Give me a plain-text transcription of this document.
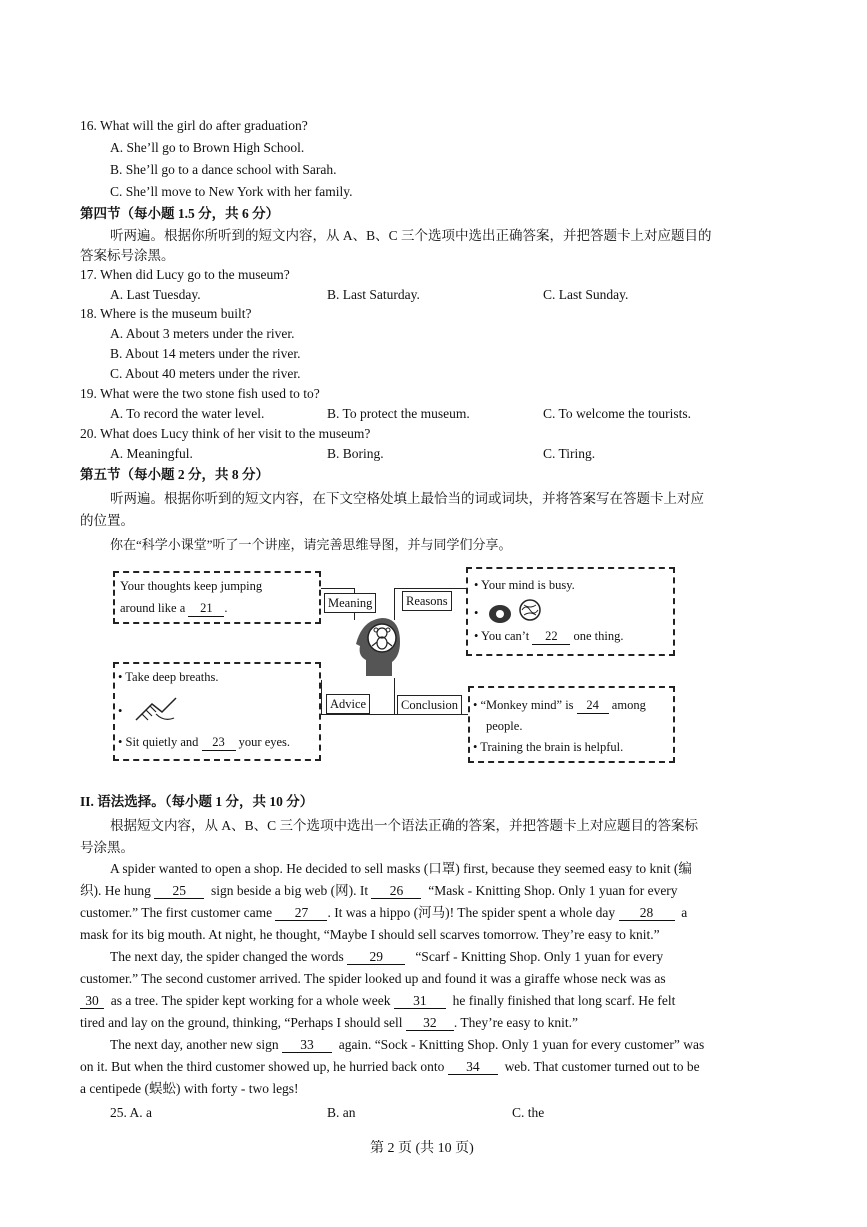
16. What will the girl do after graduation?
A. She’ll go to Brown High School.
B. She’ll go to a dance school with Sarah.
C. She’ll move to New York with her family.
第四节（每小题 1.5 分，共 6 分）
听两遍。根据你所听到的短文内容，从 A、B、C 三个选项中选出正确答案，并把答题卡上对应题目的
答案标号涂黑。
17. When did Lucy go to the museum?
A. Last Tuesday.	B. Last Saturday.	C. Last Sunday.
18. Where is the museum built?
A. About 3 meters under the river.
B. About 14 meters under the river.
C. About 40 meters under the river.
19. What were the two stone fish used to to?
A. To record the water level.	B. To protect the museum.	C. To welcome the tourists.
20. What does Lucy think of her visit to the museum?
A. Meaningful.	B. Boring.	C. Tiring.
第五节（每小题 2 分，共 8 分）
听两遍。根据你听到的短文内容，在下文空格处填上最恰当的词或词块，并将答案写在答题卡上对应
的位置。
你在“科学小课堂”听了一个讲座，请完善思维导图，并与同学们分享。
Your thoughts keep jumping
around like a 21 .
• Your mind is busy.
•
• You can’t 22 one thing.
• Take deep breaths.
•
• Sit quietly and 23 your eyes.
• “Monkey mind” is 24 among
people.
• Training the brain is helpful.
Meaning	Reasons
Advice	Conclusion
II. 语法选择。（每小题 1 分，共 10 分）
根据短文内容，从 A、B、C 三个选项中选出一个语法正确的答案，并把答题卡上对应题目的答案标
号涂黑。
A spider wanted to open a shop. He decided to sell masks (口罩) first, because they seemed easy to knit (编
织). He hung 25 sign beside a big web (网). It 26 “Mask - Knitting Shop. Only 1 yuan for every
customer.” The first customer came 27 . It was a hippo (河马)! The spider spent a whole day 28 a
mask for its big mouth. At night, he thought, “Maybe I should sell scarves tomorrow. They’re easy to knit.”
The next day, the spider changed the words 29 “Scarf - Knitting Shop. Only 1 yuan for every
customer.” The second customer arrived. The spider looked up and found it was a giraffe whose neck was as
30 as a tree. The spider kept working for a whole week 31 he finally finished that long scarf. He felt
tired and lay on the ground, thinking, “Perhaps I should sell 32 . They’re easy to knit.”
The next day, another new sign 33 again. “Sock - Knitting Shop. Only 1 yuan for every customer” was
on it. But when the third customer showed up, he hurried back onto 34 web. That customer turned out to be
a centipede (蜈蚣) with forty - two legs!
25. A. a	B. an	C. the
第 2 页 (共 10 页)
